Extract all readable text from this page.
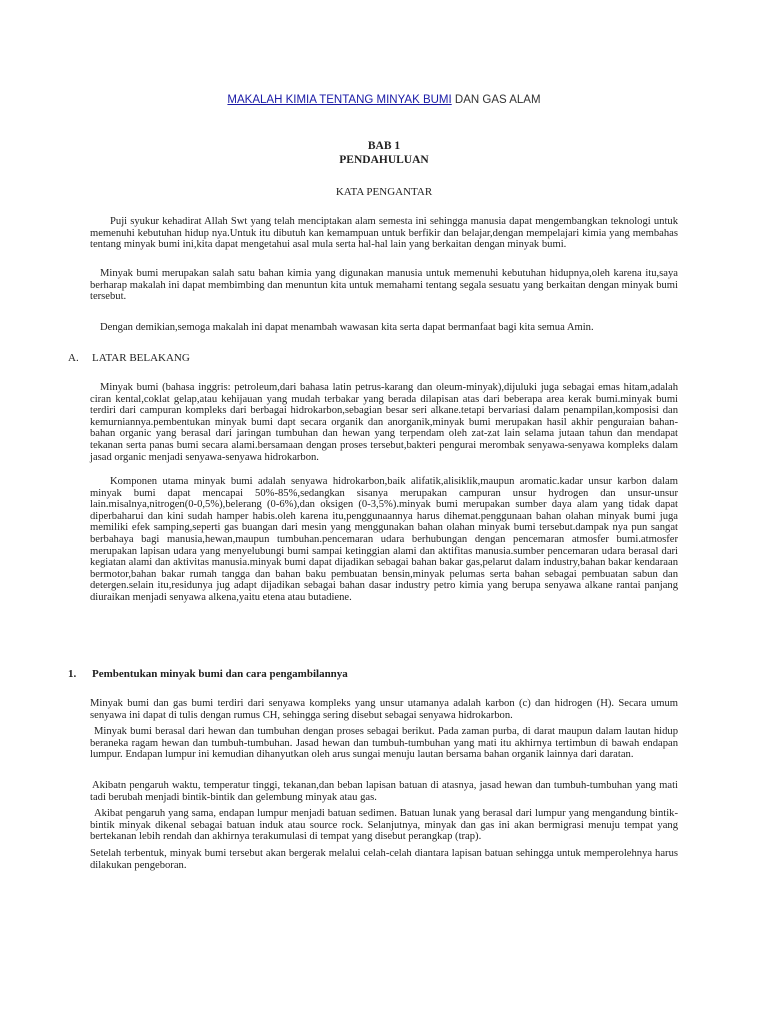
MAKALAH KIMIA TENTANG MINYAK BUMI DAN GAS ALAM
BAB 1
PENDAHULUAN
KATA PENGANTAR

Puji syukur kehadirat Allah Swt yang telah menciptakan alam semesta ini sehingga manusia dapat mengembangkan teknologi untuk memenuhi kebutuhan hidup nya.Untuk itu dibutuh kan kemampuan untuk berfikir dan belajar,dengan mempelajari kimia yang membahas tentang minyak bumi ini,kita dapat mengetahui asal mula serta hal-hal lain yang berkaitan dengan minyak bumi.

Minyak bumi merupakan salah satu bahan kimia yang digunakan manusia untuk memenuhi kebutuhan hidupnya,oleh karena itu,saya berharap makalah ini dapat membimbing dan menuntun kita untuk memahami tentang segala sesuatu yang berkaitan dengan minyak bumi tersebut.

Dengan demikian,semoga makalah ini dapat menambah wawasan kita serta dapat bermanfaat bagi kita semua Amin.

A. LATAR BELAKANG

Minyak bumi (bahasa inggris: petroleum,dari bahasa latin petrus-karang dan oleum-minyak),dijuluki juga sebagai emas hitam,adalah ciran kental,coklat gelap,atau kehijauan yang mudah terbakar yang berada dilapisan atas dari beberapa area kerak bumi.minyak bumi terdiri dari campuran kompleks dari berbagai hidrokarbon,sebagian besar seri alkane.tetapi bervariasi dalam penampilan,komposisi dan kemurniannya.pembentukan minyak bumi dapt secara organik dan anorganik,minyak bumi merupakan hasil akhir penguraian bahan-bahan organic yang berasal dari jaringan tumbuhan dan hewan yang terpendam oleh zat-zat lain selama jutaan tahun dan mendapat tekanan serta panas bumi secara alami.bersamaan dengan proses tersebut,bakteri pengurai merombak senyawa-senyawa kompleks dalam jasad organic menjadi senyawa-senyawa hidrokarbon.

Komponen utama minyak bumi adalah senyawa hidrokarbon,baik alifatik,alisiklik,maupun aromatic.kadar unsur karbon dalam minyak bumi dapat mencapai 50%-85%,sedangkan sisanya merupakan campuran unsur hydrogen dan unsur-unsur lain.misalnya,nitrogen(0-0,5%),belerang (0-6%),dan oksigen (0-3,5%).minyak bumi merupakan sumber daya alam yang tidak dapat diperbaharui dan kini sudah hamper habis.oleh karena itu,penggunaannya harus dihemat.penggunaan bahan olahan minyak bumi juga memiliki efek samping,seperti gas buangan dari mesin yang menggunakan bahan olahan minyak bumi tersebut.dampak nya pun sangat berbahaya bagi manusia,hewan,maupun tumbuhan.pencemaran udara berhubungan dengan pencemaran atmosfer bumi.atmosfer merupakan lapisan udara yang menyelubungi bumi sampai ketinggian alami dan aktifitas manusia.sumber pencemaran udara berasal dari kegiatan alami dan aktivitas manusia.minyak bumi dapat dijadikan sebagai bahan bakar gas,pelarut dalam industry,bahan bakar kendaraan bermotor,bahan bakar rumah tangga dan bahan baku pembuatan bensin,minyak pelumas serta bahan sebagai pembuatan sabun dan detergen.selain itu,residunya jug adapt dijadikan sebagai bahan dasar industry petro kimia yang berupa senyawa alkane rantai panjang diuraikan menjadi senyawa alkena,yaitu etena atau butadiene.

1. Pembentukan minyak bumi dan cara pengambilannya

Minyak bumi dan gas bumi terdiri dari senyawa kompleks yang unsur utamanya adalah karbon (c) dan hidrogen (H). Secara umum senyawa ini dapat di tulis dengan rumus CH, sehingga sering disebut sebagai senyawa hidrokarbon.

Minyak bumi berasal dari hewan dan tumbuhan dengan proses sebagai berikut. Pada zaman purba, di darat maupun dalam lautan hidup beraneka ragam hewan dan tumbuh-tumbuhan. Jasad hewan dan tumbuh-tumbuhan yang mati itu akhirnya tertimbun di bawah endapan lumpur. Endapan lumpur ini kemudian dihanyutkan oleh arus sungai menuju lautan bersama bahan organik lainnya dari daratan.

Akibatn pengaruh waktu, temperatur tinggi, tekanan,dan beban lapisan batuan di atasnya, jasad hewan dan tumbuh-tumbuhan yang mati tadi berubah menjadi bintik-bintik dan gelembung minyak atau gas.

Akibat pengaruh yang sama, endapan lumpur menjadi batuan sedimen. Batuan lunak yang berasal dari lumpur yang mengandung bintik-bintik minyak dikenal sebagai batuan induk atau source rock. Selanjutnya, minyak dan gas ini akan bermigrasi menuju tempat yang bertekanan lebih rendah dan akhirnya terakumulasi di tempat yang disebut perangkap (trap).

Setelah terbentuk, minyak bumi tersebut akan bergerak melalui celah-celah diantara lapisan batuan sehingga untuk memperolehnya harus dilakukan pengeboran.
